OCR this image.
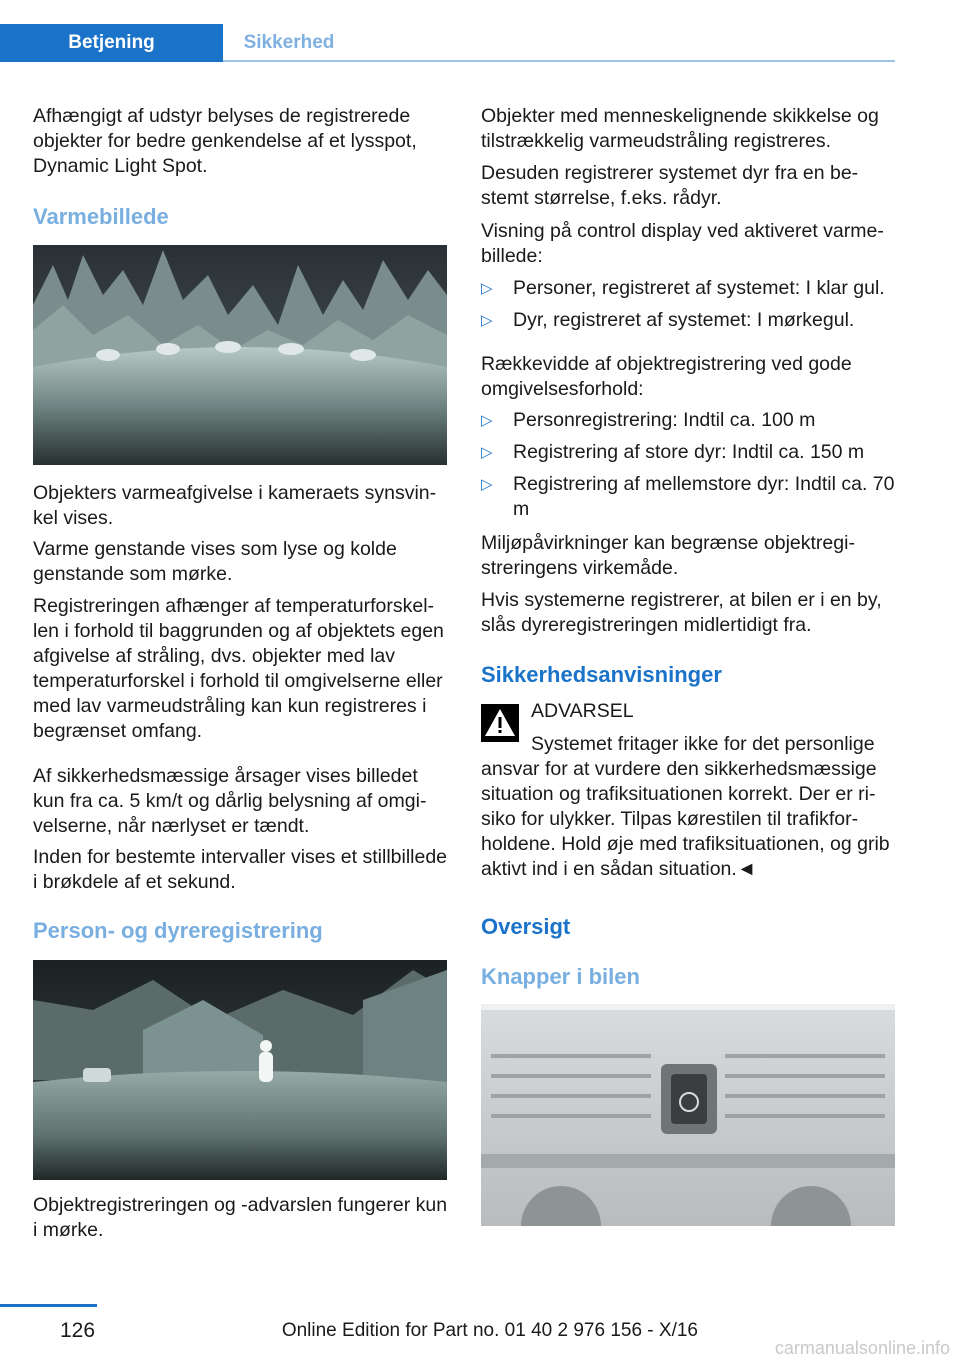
Betjening	Sikkerhed

Afhængigt af udstyr belyses de registrerede objekter for bedre genkendelse af et lysspot, Dynamic Light Spot.

Varmebillede

Objekters varmeafgivelse i kameraets synsvinkel vises.

Varme genstande vises som lyse og kolde genstande som mørke.

Registreringen afhænger af temperaturforskellen i forhold til baggrunden og af objektets egen afgivelse af stråling, dvs. objekter med lav temperaturforskel i forhold til omgivelserne eller med lav varmeudstråling kan kun registreres i begrænset omfang.

Af sikkerhedsmæssige årsager vises billedet kun fra ca. 5 km/t og dårlig belysning af omgivelserne, når nærlyset er tændt.

Inden for bestemte intervaller vises et stillbillede i brøkdele af et sekund.

Person- og dyreregistrering

Objektregistreringen og -advarslen fungerer kun i mørke.

Objekter med menneskelignende skikkelse og tilstrækkelig varmeudstråling registreres.

Desuden registrerer systemet dyr fra en bestemt størrelse, f.eks. rådyr.

Visning på control display ved aktiveret varmebillede:

▷ Personer, registreret af systemet: I klar gul.
▷ Dyr, registreret af systemet: I mørkegul.

Rækkevidde af objektregistrering ved gode omgivelsesforhold:

▷ Personregistrering: Indtil ca. 100 m
▷ Registrering af store dyr: Indtil ca. 150 m
▷ Registrering af mellemstore dyr: Indtil ca. 70 m

Miljøpåvirkninger kan begrænse objektregistreringens virkemåde.

Hvis systemerne registrerer, at bilen er i en by, slås dyreregistreringen midlertidigt fra.

Sikkerhedsanvisninger

ADVARSEL

Systemet fritager ikke for det personlige

ansvar for at vurdere den sikkerhedsmæssige situation og trafiksituationen korrekt. Der er risiko for ulykker. Tilpas kørestilen til trafikforholdene. Hold øje med trafiksituationen, og grib aktivt ind i en sådan situation.◄

Oversigt
Knapper i bilen
126	Online Edition for Part no. 01 40 2 976 156 - X/16
carmanualsonline.info
